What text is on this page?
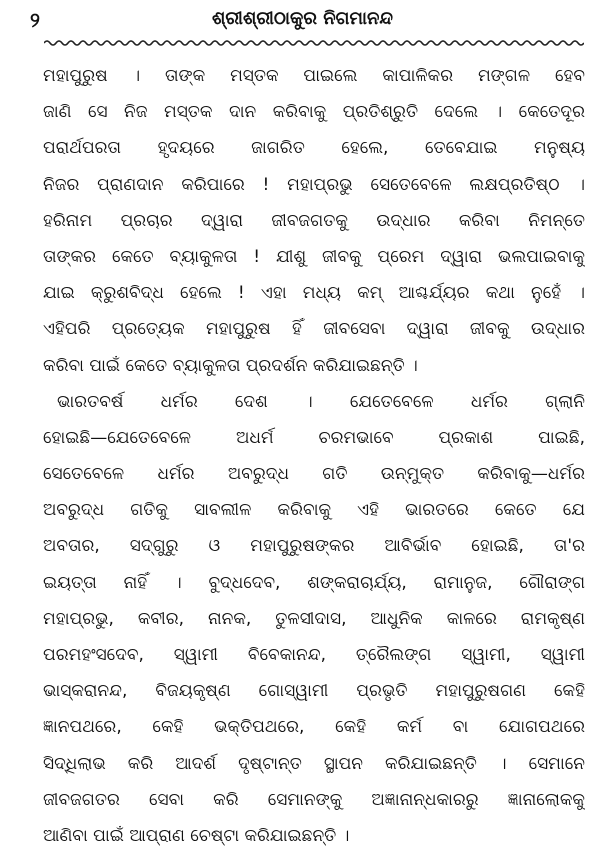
୨	ଶ୍ରୀଶ୍ରୀଠାକୁର ନିଗମାନନ୍ଦ
ମହାପୁରୁଷ । ତାଙ୍କ ମସ୍ତକ ପାଇଲେ କାପାଳିକର ମଙ୍ଗଳ ହେବ
ଜାଣି ସେ ନିଜ ମସ୍ତକ ଦାନ କରିବାକୁ ପ୍ରତିଶ୍ରୁତି ଦେଲେ । କେତେଦୂର
ପରାର୍ଥପରତା ହୃଦୟରେ ଜାଗରିତ ହେଲେ, ତେବେଯାଇ ମନୁଷ୍ୟ
ନିଜର ପ୍ରାଣଦାନ କରିପାରେ ! ମହାପ୍ରଭୁ ସେତେବେଳେ ଲକ୍ଷପ୍ରତିଷ୍ଠ ।
ହରିନାମ ପ୍ରଚାର ଦ୍ୱାରା ଜୀବଜଗତକୁ ଉଦ୍ଧାର କରିବା ନିମନ୍ତେ
ତାଙ୍କର କେତେ ବ୍ୟାକୁଳତା ! ଯୀଶୁ ଜୀବକୁ ପ୍ରେମ ଦ୍ୱାରା ଭଲପାଇବାକୁ
ଯାଇ କ୍ରୁଶବିଦ୍ଧ ହେଲେ ! ଏହା ମଧ୍ୟ କମ୍ ଆଶ୍ଚର୍ଯ୍ୟର କଥା ନୁହେଁ ।
ଏହିପରି ପ୍ରତ୍ୟେକ ମହାପୁରୁଷ ହିଁ ଜୀବସେବା ଦ୍ୱାରା ଜୀବକୁ ଉଦ୍ଧାର
କରିବା ପାଇଁ କେତେ ବ୍ୟାକୁଳତା ପ୍ରଦର୍ଶନ କରିଯାଇଛନ୍ତି ।
ଭାରତବର୍ଷ ଧର୍ମର ଦେଶ । ଯେତେବେଳେ ଧର୍ମର ଗ୍ଲାନି
ହୋଇଛି—ଯେତେବେଳେ ଅଧର୍ମ ଚରମଭାବେ ପ୍ରକାଶ ପାଇଛି,
ସେତେବେଳେ ଧର୍ମର ଅବରୁଦ୍ଧ ଗତି ଉନ୍ମୁକ୍ତ କରିବାକୁ—ଧର୍ମର
ଅବରୁଦ୍ଧ ଗତିକୁ ସାବଲୀଳ କରିବାକୁ ଏହି ଭାରତରେ କେତେ ଯେ
ଅବତାର, ସଦ୍‌ଗୁରୁ ଓ ମହାପୁରୁଷଙ୍କର ଆବିର୍ଭାବ ହୋଇଛି, ତା'ର
ଇୟତ୍ତା ନାହିଁ । ବୁଦ୍ଧଦେବ, ଶଙ୍କରାଚାର୍ଯ୍ୟ, ରାମାନୁଜ, ଗୌରାଙ୍ଗ
ମହାପ୍ରଭୁ, କବୀର, ନାନକ, ତୁଳସୀଦାସ, ଆଧୁନିକ କାଳରେ ରାମକୃଷ୍ଣ
ପରମହଂସଦେବ, ସ୍ୱାମୀ ବିବେକାନନ୍ଦ, ତ୍ରୈଲଙ୍ଗ ସ୍ୱାମୀ, ସ୍ୱାମୀ
ଭାସ୍କରାନନ୍ଦ, ବିଜୟକୃଷ୍ଣ ଗୋସ୍ୱାମୀ ପ୍ରଭୃତି ମହାପୁରୁଷଗଣ କେହି
ଜ୍ଞାନପଥରେ, କେହି ଭକ୍ତିପଥରେ, କେହି କର୍ମ ବା ଯୋଗପଥରେ
ସିଦ୍ଧିଲାଭ କରି ଆଦର୍ଶ ଦୃଷ୍ଟାନ୍ତ ସ୍ଥାପନ କରିଯାଇଛନ୍ତି । ସେମାନେ
ଜୀବଜଗତର ସେବା କରି ସେମାନଙ୍କୁ ଅଜ୍ଞାନାନ୍ଧକାରରୁ ଜ୍ଞାନାଲୋକକୁ
ଆଣିବା ପାଇଁ ଆପ୍ରାଣ ଚେଷ୍ଟା କରିଯାଇଛନ୍ତି ।
